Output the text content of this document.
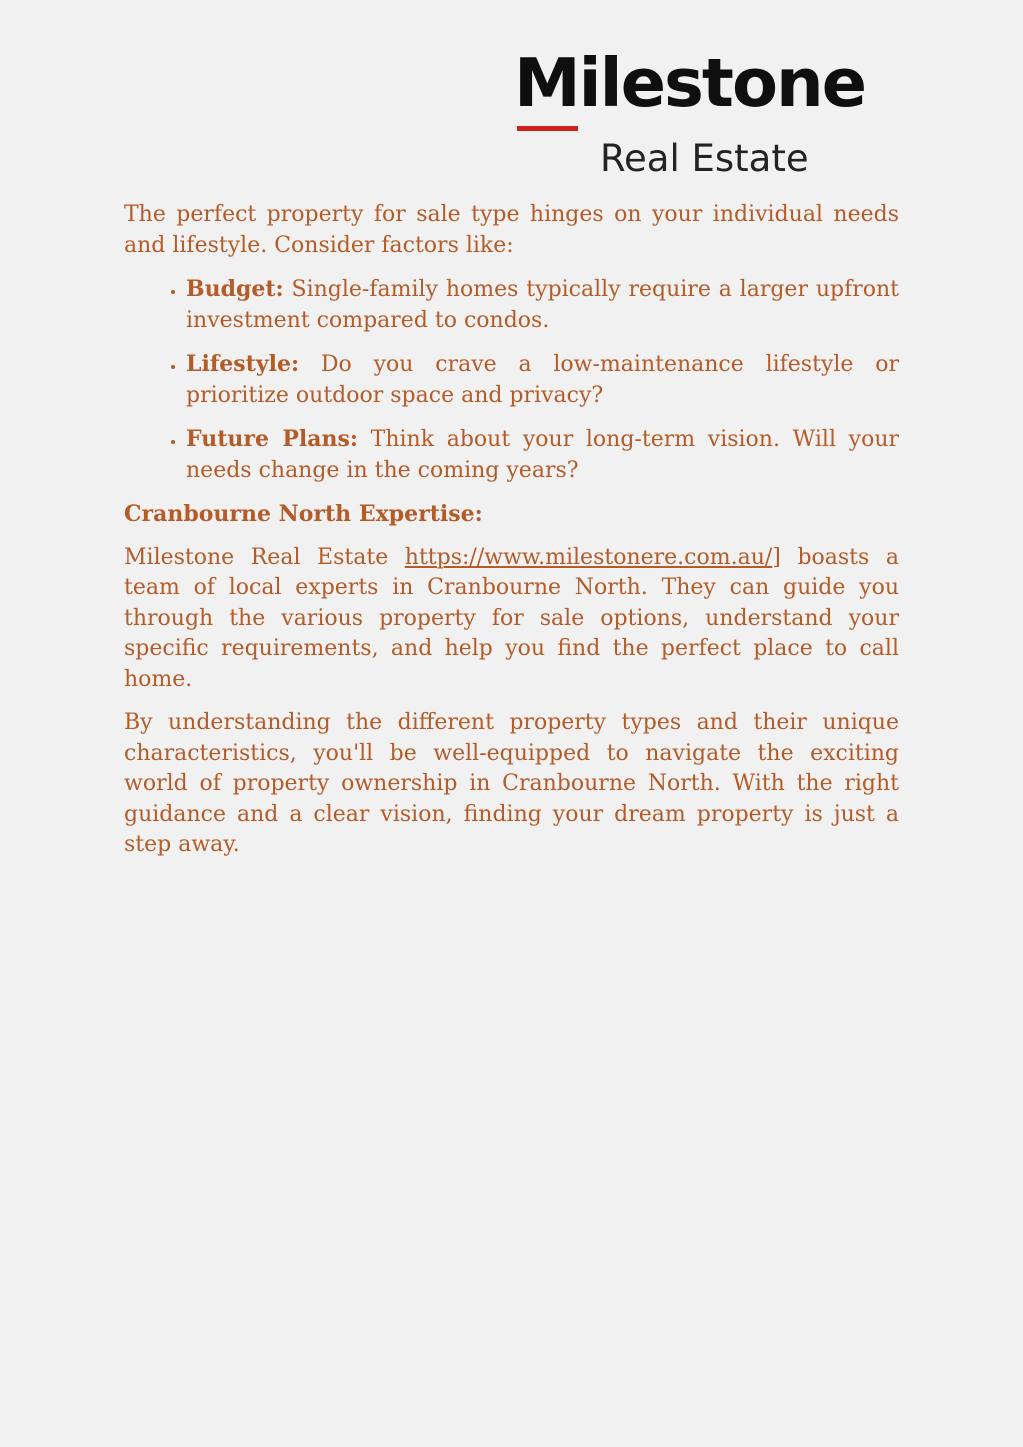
Milestone
Real Estate

The perfect property for sale type hinges on your individual needs and lifestyle. Consider factors like:

• Budget: Single-family homes typically require a larger upfront investment compared to condos.
• Lifestyle: Do you crave a low-maintenance lifestyle or prioritize outdoor space and privacy?
• Future Plans: Think about your long-term vision. Will your needs change in the coming years?

Cranbourne North Expertise:

Milestone Real Estate https://www.milestonere.com.au/] boasts a team of local experts in Cranbourne North. They can guide you through the various property for sale options, understand your specific requirements, and help you find the perfect place to call home.

By understanding the different property types and their unique characteristics, you'll be well-equipped to navigate the exciting world of property ownership in Cranbourne North. With the right guidance and a clear vision, finding your dream property is just a step away.
